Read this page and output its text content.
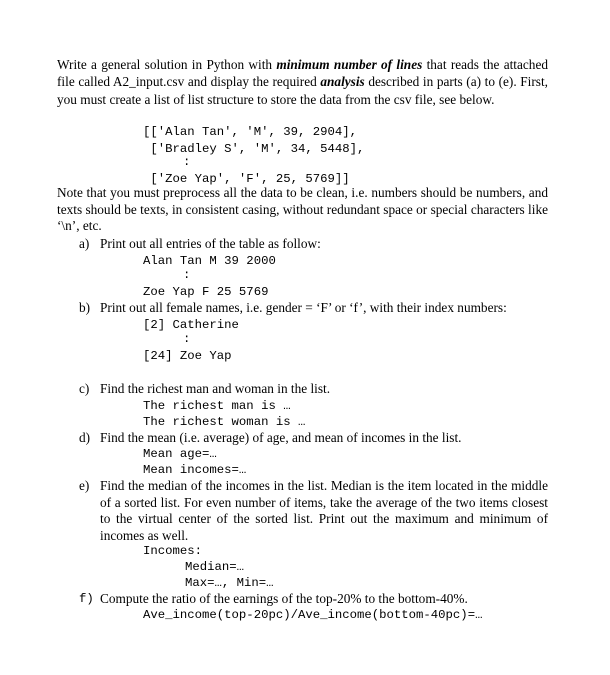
Write a general solution in Python with minimum number of lines that reads the attached file called A2_input.csv and display the required analysis described in parts (a) to (e). First, you must create a list of list structure to store the data from the csv file, see below.
[['Alan Tan', 'M', 39, 2904],
['Bradley S', 'M', 34, 5448],
:
['Zoe Yap', 'F', 25, 5769]]
Note that you must preprocess all the data to be clean, i.e. numbers should be numbers, and texts should be texts, in consistent casing, without redundant space or special characters like ‘\n’, etc.
a) Print out all entries of the table as follow:
Alan Tan M 39 2000
:
Zoe Yap F 25 5769
b) Print out all female names, i.e. gender = ‘F’ or ‘f’, with their index numbers:
[2] Catherine
:
[24] Zoe Yap
c) Find the richest man and woman in the list.
The richest man is …
The richest woman is …
d) Find the mean (i.e. average) of age, and mean of incomes in the list.
Mean age=…
Mean incomes=…
e) Find the median of the incomes in the list. Median is the item located in the middle of a sorted list. For even number of items, take the average of the two items closest to the virtual center of the sorted list. Print out the maximum and minimum of incomes as well.
Incomes:
Median=…
Max=…, Min=…
f) Compute the ratio of the earnings of the top-20% to the bottom-40%.
Ave_income(top-20pc)/Ave_income(bottom-40pc)=…
